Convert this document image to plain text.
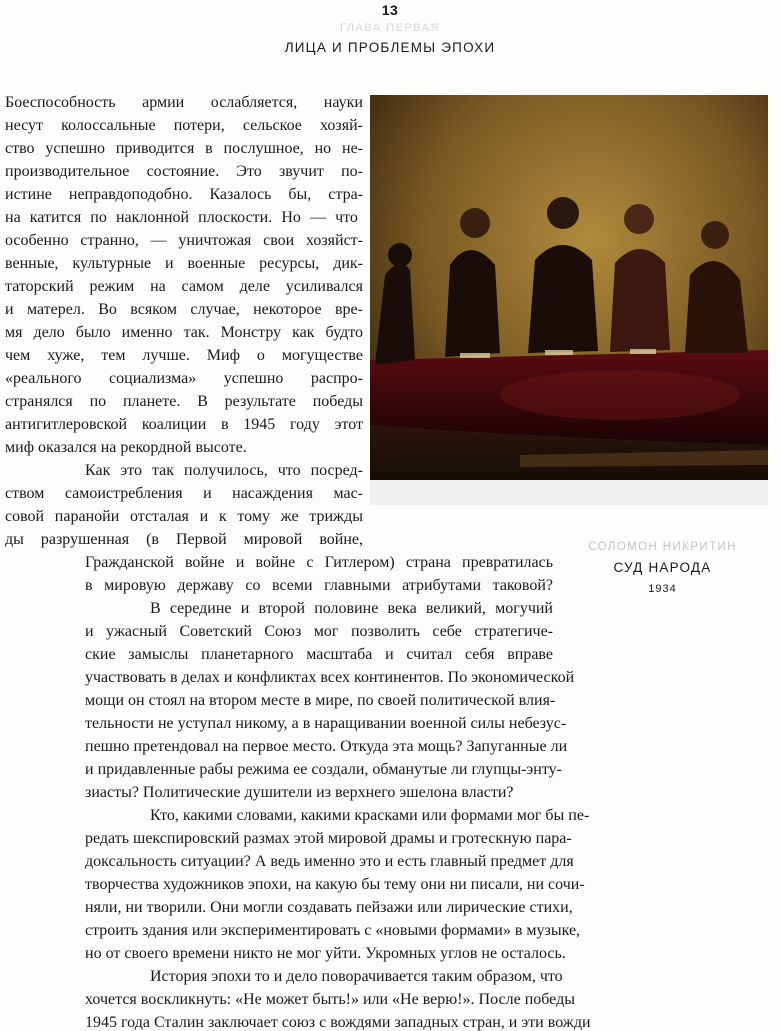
13
ГЛАВА ПЕРВАЯ
ЛИЦА И ПРОБЛЕМЫ ЭПОХИ
Боеспособность армии ослабляется, науки
несут колоссальные потери, сельское хозяй-
ство успешно приводится в послушное, но не-
производительное состояние. Это звучит по-
истине неправдоподобно. Казалось бы, стра-
на катится по наклонной плоскости. Но — что
особенно странно, — уничтожая свои хозяйст-
венные, культурные и военные ресурсы, дик-
таторский режим на самом деле усиливался
и матерел. Во всяком случае, некоторое вре-
мя дело было именно так. Монстру как будто
чем хуже, тем лучше. Миф о могуществе
«реального социализма» успешно распро-
странялся по планете. В результате победы
антигитлеровской коалиции в 1945 году этот
миф оказался на рекордной высоте.
Как это так получилось, что посред-
ством самоистребления и насаждения мас-
совой паранойи отсталая и к тому же трижды
ды разрушенная (в Первой мировой войне,
Гражданской войне и войне с Гитлером) страна превратилась
в мировую державу со всеми главными атрибутами таковой?
В середине и второй половине века великий, могучий
и ужасный Советский Союз мог позволить себе стратегиче-
ские замыслы планетарного масштаба и считал себя вправе
участвовать в делах и конфликтах всех континентов. По экономической
мощи он стоял на втором месте в мире, по своей политической влия-
тельности не уступал никому, а в наращивании военной силы небезус-
пешно претендовал на первое место. Откуда эта мощь? Запуганные ли
и придавленные рабы режима ее создали, обманутые ли глупцы-энту-
зиасты? Политические душители из верхнего эшелона власти?
Кто, какими словами, какими красками или формами мог бы пе-
редать шекспировский размах этой мировой драмы и гротескную пара-
доксальность ситуации? А ведь именно это и есть главный предмет для
творчества художников эпохи, на какую бы тему они ни писали, ни сочи-
няли, ни творили. Они могли создавать пейзажи или лирические стихи,
строить здания или экспериментировать с «новыми формами» в музыке,
но от своего времени никто не мог уйти. Укромных углов не осталось.
История эпохи то и дело поворачивается таким образом, что
хочется воскликнуть: «Не может быть!» или «Не верю!». После победы
1945 года Сталин заключает союз с вождями западных стран, и эти вожди
СОЛОМОН НИКРИТИН
СУД НАРОДА
1934
